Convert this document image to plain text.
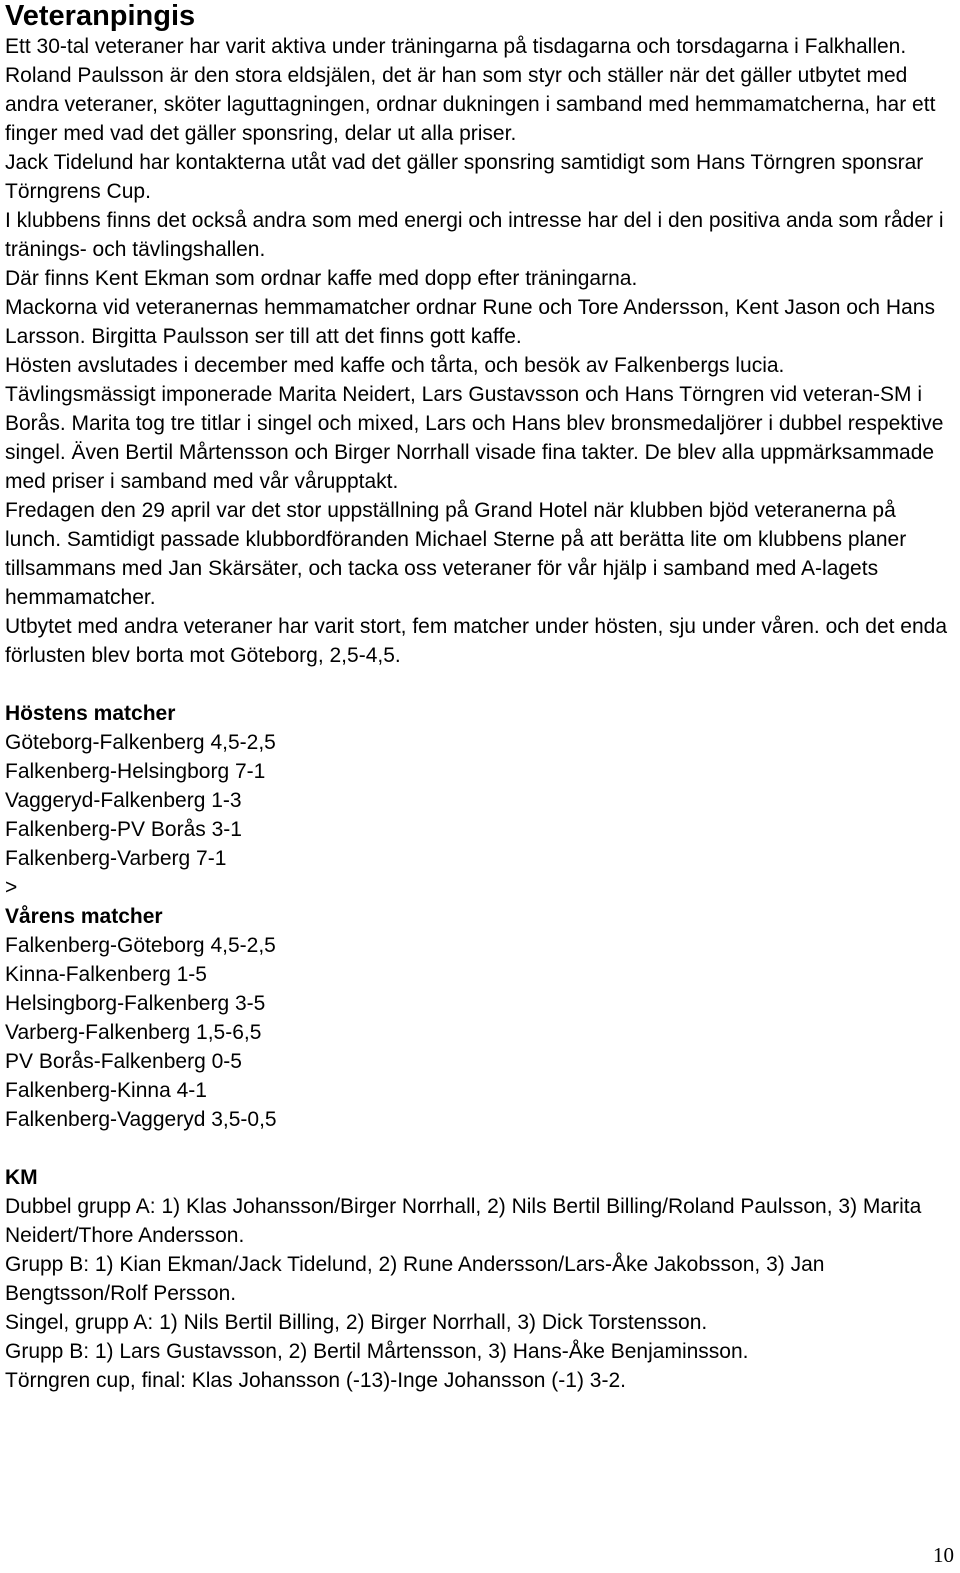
Veteranpingis

Ett 30-tal veteraner har varit aktiva under träningarna på tisdagarna och torsdagarna i Falkhallen.

Roland Paulsson är den stora eldsjälen, det är han som styr och ställer när det gäller utbytet med andra veteraner, sköter laguttagningen, ordnar dukningen i samband med hemmamatcherna, har ett finger med vad det gäller sponsring, delar ut alla priser.

Jack Tidelund har kontakterna utåt vad det gäller sponsring samtidigt som Hans Törngren sponsrar Törngrens Cup.

I klubbens finns det också andra som med energi och intresse har del i den positiva anda som råder i tränings- och tävlingshallen.

Där finns Kent Ekman som ordnar kaffe med dopp efter träningarna.

Mackorna vid veteranernas hemmamatcher ordnar Rune och Tore Andersson, Kent Jason och Hans Larsson. Birgitta Paulsson ser till att det finns gott kaffe.

Hösten avslutades i december med kaffe och tårta, och besök av Falkenbergs lucia.

Tävlingsmässigt imponerade Marita Neidert, Lars Gustavsson och Hans Törngren vid veteran-SM i Borås. Marita tog tre titlar i singel och mixed, Lars och Hans blev bronsmedaljörer i dubbel respektive singel. Även Bertil Mårtensson och Birger Norrhall visade fina takter. De blev alla uppmärksammade med priser i samband med vår vårupptakt.

Fredagen den 29 april var det stor uppställning på Grand Hotel när klubben bjöd veteranerna på lunch. Samtidigt passade klubbordföranden Michael Sterne på att berätta lite om klubbens planer tillsammans med Jan Skärsäter, och tacka oss veteraner för vår hjälp i samband med A-lagets hemmamatcher.

Utbytet med andra veteraner har varit stort, fem matcher under hösten, sju under våren. och det enda förlusten blev borta mot Göteborg, 2,5-4,5.

Höstens matcher

Göteborg-Falkenberg 4,5-2,5

Falkenberg-Helsingborg 7-1

Vaggeryd-Falkenberg 1-3

Falkenberg-PV Borås 3-1

Falkenberg-Varberg 7-1

>

Vårens matcher

Falkenberg-Göteborg 4,5-2,5

Kinna-Falkenberg 1-5

Helsingborg-Falkenberg 3-5

Varberg-Falkenberg 1,5-6,5

PV Borås-Falkenberg 0-5

Falkenberg-Kinna 4-1

Falkenberg-Vaggeryd 3,5-0,5

KM

Dubbel grupp A: 1) Klas Johansson/Birger Norrhall, 2) Nils Bertil Billing/Roland Paulsson, 3) Marita Neidert/Thore Andersson.

Grupp B: 1) Kian Ekman/Jack Tidelund, 2) Rune Andersson/Lars-Åke Jakobsson, 3) Jan Bengtsson/Rolf Persson.

Singel, grupp A: 1) Nils Bertil Billing, 2) Birger Norrhall, 3) Dick Torstensson.

Grupp B: 1) Lars Gustavsson, 2) Bertil Mårtensson, 3) Hans-Åke Benjaminsson.

Törngren cup, final: Klas Johansson (-13)-Inge Johansson (-1) 3-2.

10
